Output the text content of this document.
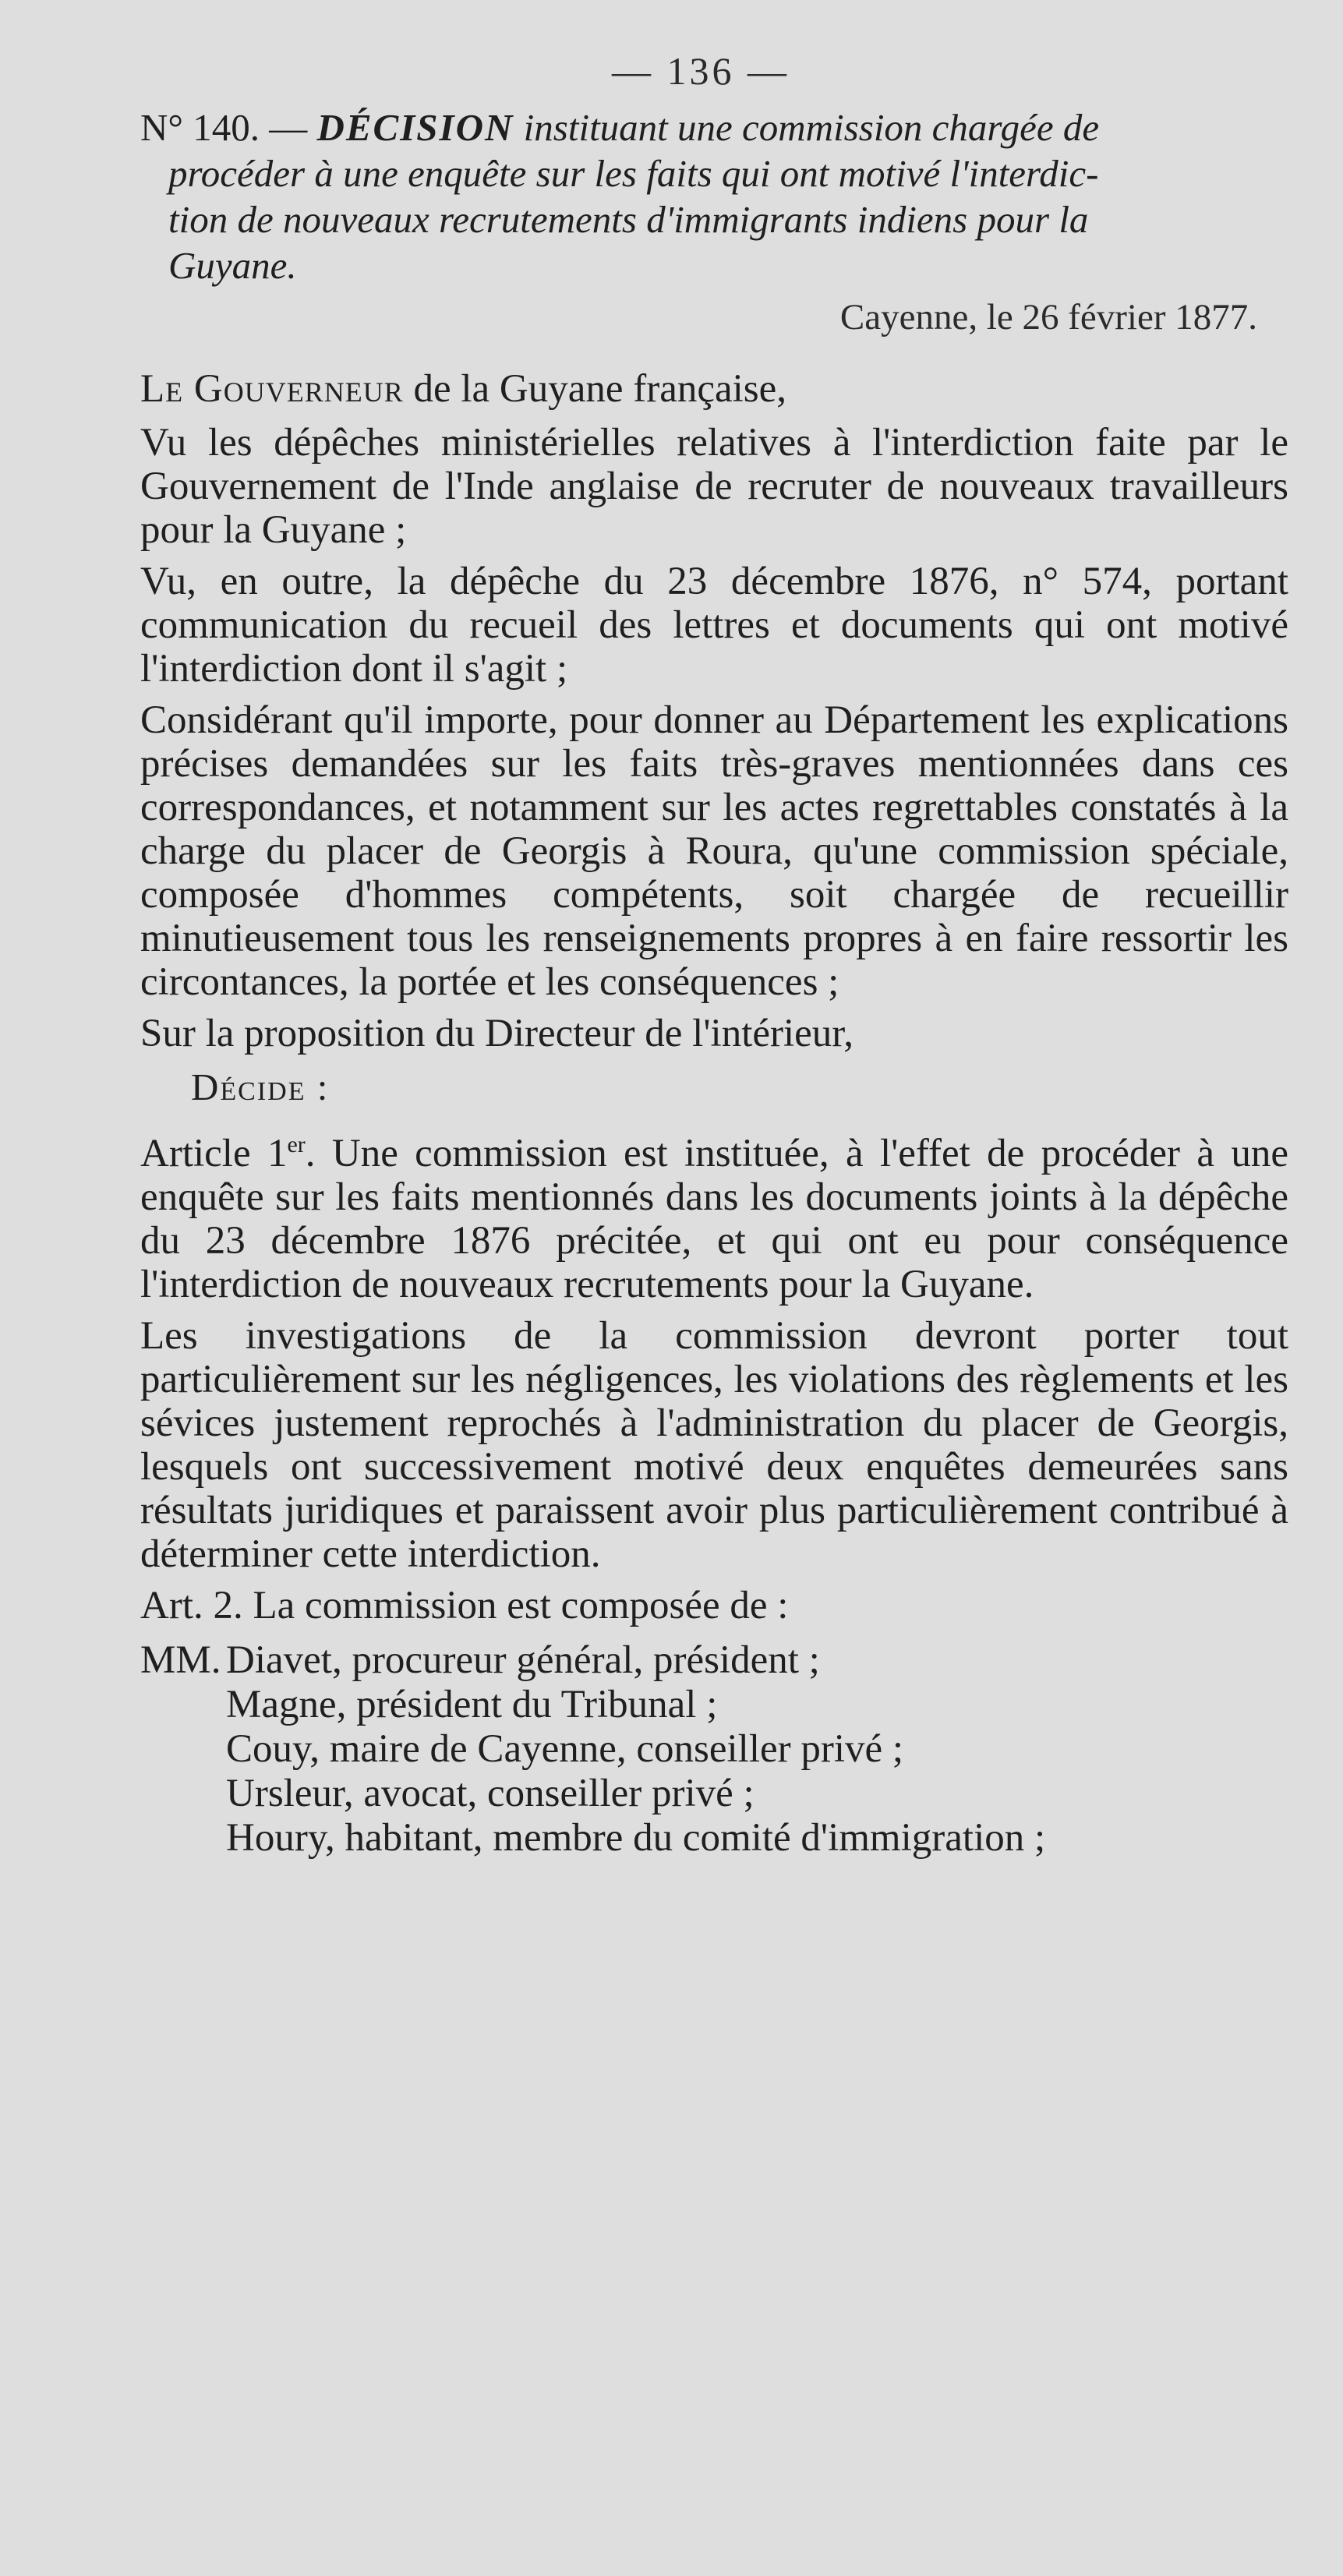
— 136 —
N° 140. — DÉCISION instituant une commission chargée de
procéder à une enquête sur les faits qui ont motivé l'interdic-
tion de nouveaux recrutements d'immigrants indiens pour la
Guyane.
Cayenne, le 26 février 1877.
Le Gouverneur de la Guyane française,

Vu les dépêches ministérielles relatives à l'interdiction faite par le Gouvernement de l'Inde anglaise de recruter de nouveaux travailleurs pour la Guyane ;

Vu, en outre, la dépêche du 23 décembre 1876, n° 574, portant communication du recueil des lettres et documents qui ont motivé l'interdiction dont il s'agit ;

Considérant qu'il importe, pour donner au Département les explications précises demandées sur les faits très-graves mentionnées dans ces correspondances, et notamment sur les actes regrettables constatés à la charge du placer de Georgis à Roura, qu'une commission spéciale, composée d'hommes compétents, soit chargée de recueillir minutieusement tous les renseignements propres à en faire ressortir les circontances, la portée et les conséquences ;

Sur la proposition du Directeur de l'intérieur,

Décide :

Article 1er. Une commission est instituée, à l'effet de procéder à une enquête sur les faits mentionnés dans les documents joints à la dépêche du 23 décembre 1876 précitée, et qui ont eu pour conséquence l'interdiction de nouveaux recrutements pour la Guyane.

Les investigations de la commission devront porter tout particulièrement sur les négligences, les violations des règlements et les sévices justement reprochés à l'administration du placer de Georgis, lesquels ont successivement motivé deux enquêtes demeurées sans résultats juridiques et paraissent avoir plus particulièrement contribué à déterminer cette interdiction.

Art. 2. La commission est composée de :

MM. Diavet, procureur général, président ;
Magne, président du Tribunal ;
Couy, maire de Cayenne, conseiller privé ;
Ursleur, avocat, conseiller privé ;
Houry, habitant, membre du comité d'immigration ;
